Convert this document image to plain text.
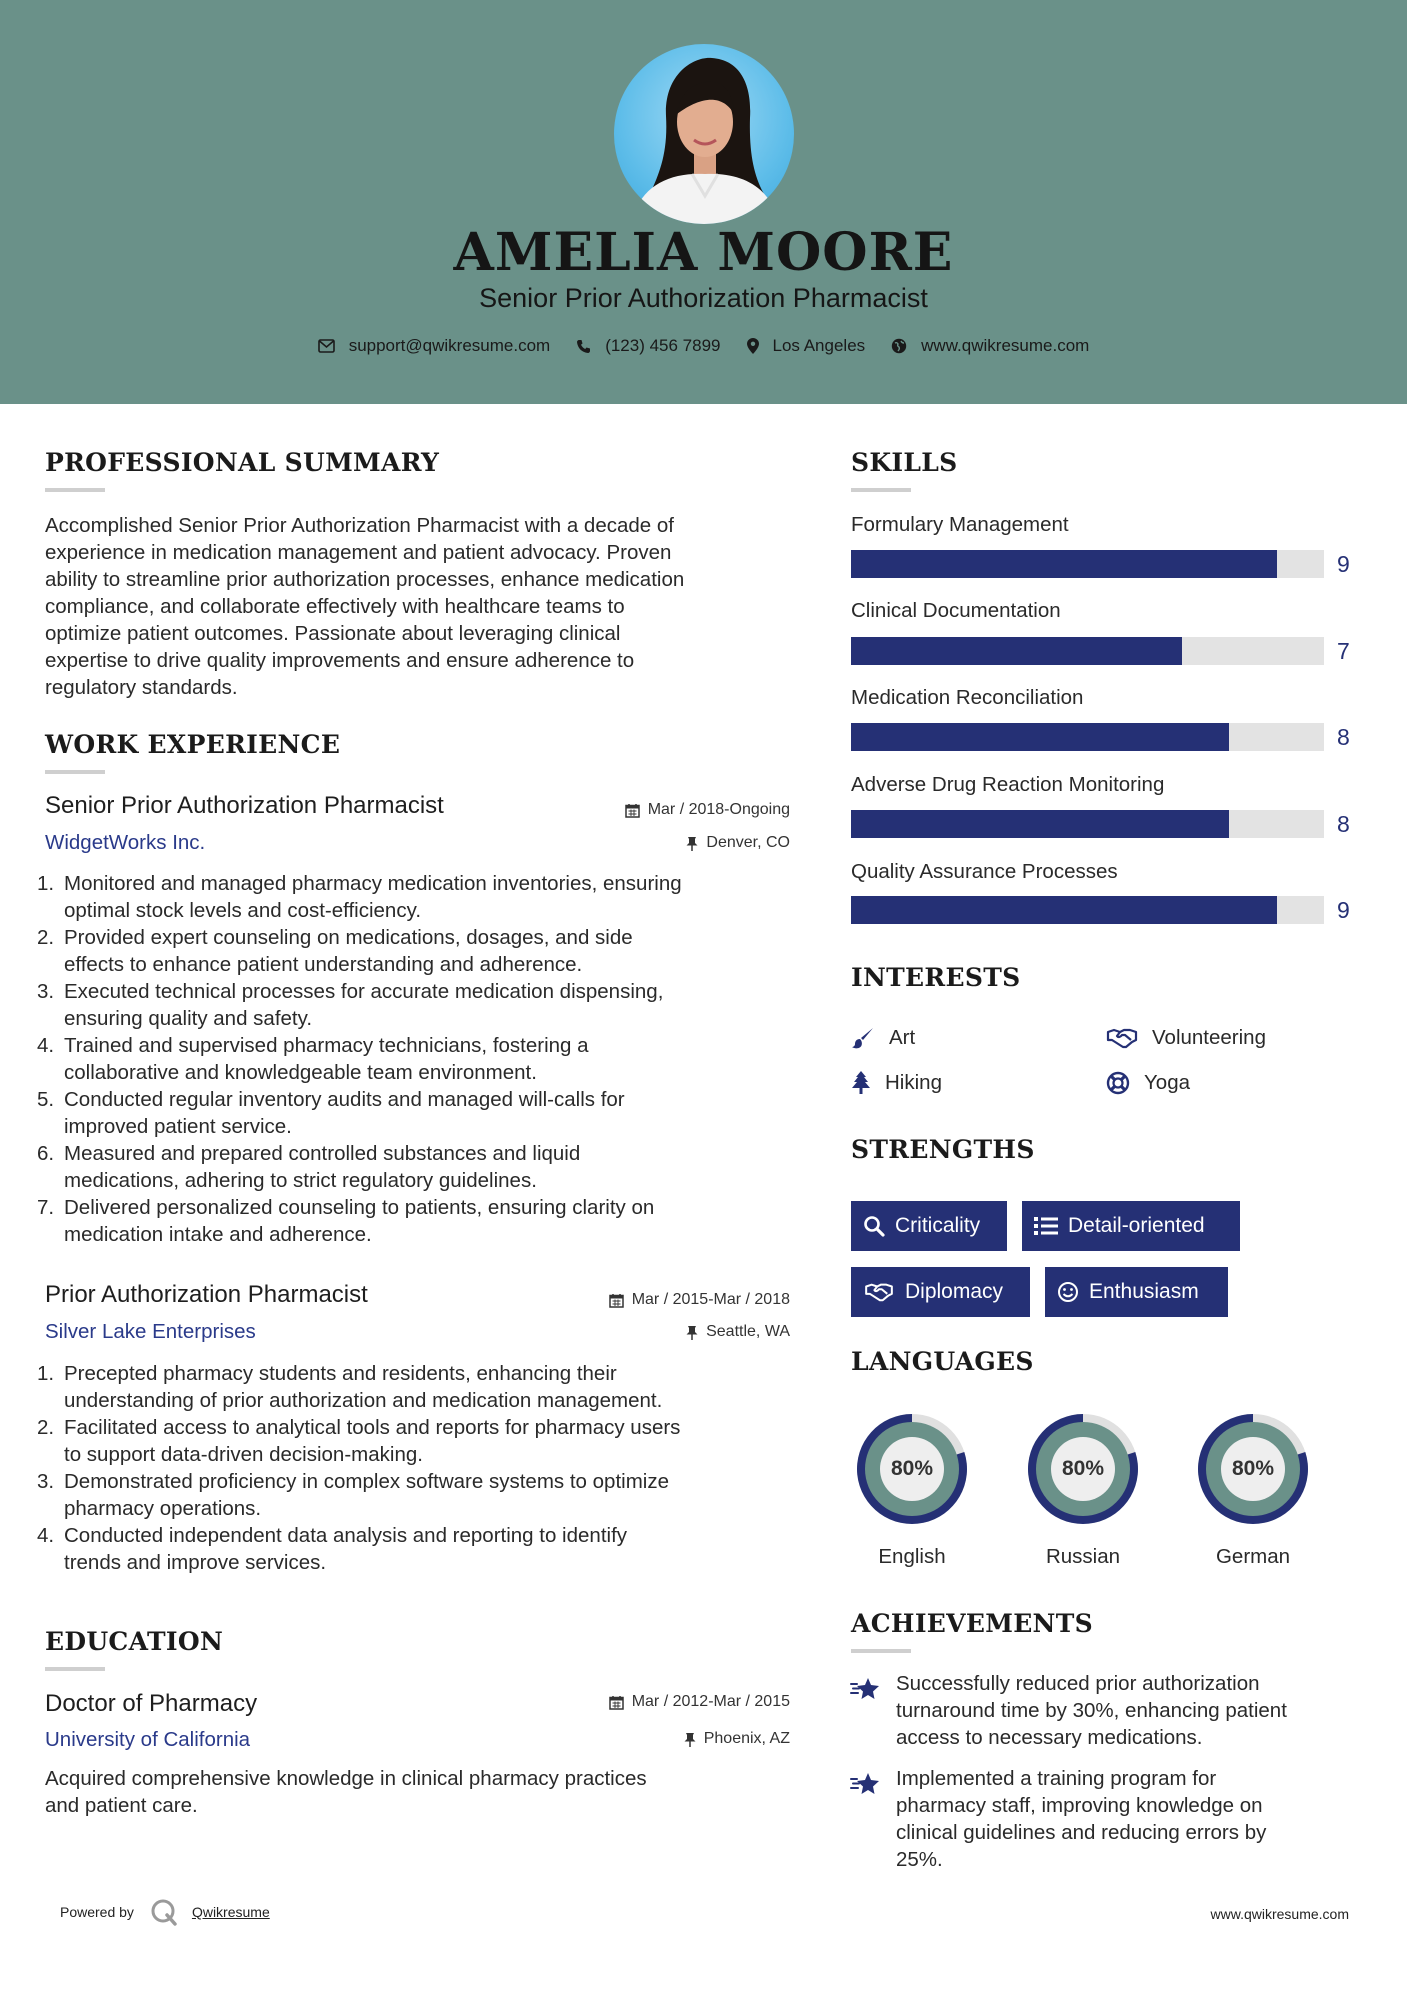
AMELIA MOORE
Senior Prior Authorization Pharmacist
support@qwikresume.com	(123) 456 7899	Los Angeles	www.qwikresume.com
PROFESSIONAL SUMMARY
Accomplished Senior Prior Authorization Pharmacist with a decade of
experience in medication management and patient advocacy. Proven
ability to streamline prior authorization processes, enhance medication
compliance, and collaborate effectively with healthcare teams to
optimize patient outcomes. Passionate about leveraging clinical
expertise to drive quality improvements and ensure adherence to
regulatory standards.
WORK EXPERIENCE
Senior Prior Authorization Pharmacist	Mar / 2018-Ongoing
WidgetWorks Inc.	Denver, CO
1. Monitored and managed pharmacy medication inventories, ensuring
optimal stock levels and cost-efficiency.
2. Provided expert counseling on medications, dosages, and side
effects to enhance patient understanding and adherence.
3. Executed technical processes for accurate medication dispensing,
ensuring quality and safety.
4. Trained and supervised pharmacy technicians, fostering a
collaborative and knowledgeable team environment.
5. Conducted regular inventory audits and managed will-calls for
improved patient service.
6. Measured and prepared controlled substances and liquid
medications, adhering to strict regulatory guidelines.
7. Delivered personalized counseling to patients, ensuring clarity on
medication intake and adherence.
Prior Authorization Pharmacist	Mar / 2015-Mar / 2018
Silver Lake Enterprises	Seattle, WA
1. Precepted pharmacy students and residents, enhancing their
understanding of prior authorization and medication management.
2. Facilitated access to analytical tools and reports for pharmacy users
to support data-driven decision-making.
3. Demonstrated proficiency in complex software systems to optimize
pharmacy operations.
4. Conducted independent data analysis and reporting to identify
trends and improve services.
EDUCATION
Doctor of Pharmacy	Mar / 2012-Mar / 2015
University of California	Phoenix, AZ
Acquired comprehensive knowledge in clinical pharmacy practices
and patient care.
SKILLS
Formulary Management
9
Clinical Documentation
7
Medication Reconciliation
8
Adverse Drug Reaction Monitoring
8
Quality Assurance Processes
9
INTERESTS
Art	Volunteering
Hiking	Yoga
STRENGTHS
Criticality	Detail-oriented
Diplomacy	Enthusiasm
LANGUAGES
80%
English
80%
Russian
80%
German
ACHIEVEMENTS
Successfully reduced prior authorization
turnaround time by 30%, enhancing patient
access to necessary medications.
Implemented a training program for
pharmacy staff, improving knowledge on
clinical guidelines and reducing errors by
25%.
Powered by	Qwikresume	www.qwikresume.com
